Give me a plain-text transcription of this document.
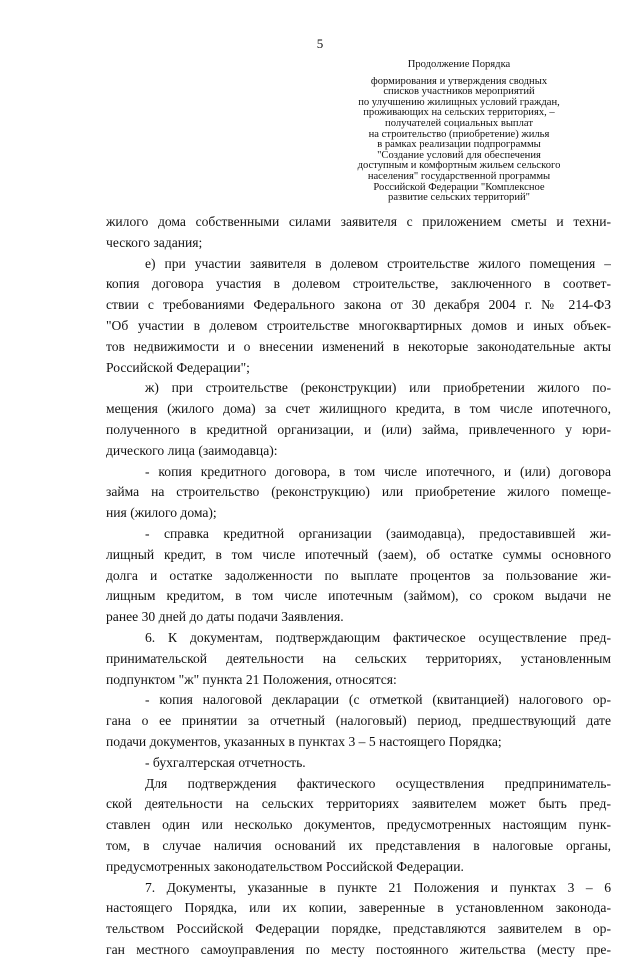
5
Продолжение Порядка
формирования и утверждения сводных
списков участников мероприятий
по улучшению жилищных условий граждан,
проживающих на сельских территориях, –
получателей социальных выплат
на строительство (приобретение) жилья
в рамках реализации подпрограммы
"Создание условий для обеспечения
доступным и комфортным жильем сельского
населения" государственной программы
Российской Федерации "Комплексное
развитие сельских территорий"
жилого дома собственными силами заявителя с приложением сметы и техни-
ческого задания;
е) при участии заявителя в долевом строительстве жилого помещения –
копия договора участия в долевом строительстве, заключенного в соответ-
ствии с требованиями Федерального закона от 30 декабря 2004 г. № 214-ФЗ
"Об участии в долевом строительстве многоквартирных домов и иных объек-
тов недвижимости и о внесении изменений в некоторые законодательные акты
Российской Федерации";
ж) при строительстве (реконструкции) или приобретении жилого по-
мещения (жилого дома) за счет жилищного кредита, в том числе ипотечного,
полученного в кредитной организации, и (или) займа, привлеченного у юри-
дического лица (заимодавца):
- копия кредитного договора, в том числе ипотечного, и (или) договора
займа на строительство (реконструкцию) или приобретение жилого помеще-
ния (жилого дома);
- справка кредитной организации (заимодавца), предоставившей жи-
лищный кредит, в том числе ипотечный (заем), об остатке суммы основного
долга и остатке задолженности по выплате процентов за пользование жи-
лищным кредитом, в том числе ипотечным (займом), со сроком выдачи не
ранее 30 дней до даты подачи Заявления.
6. К документам, подтверждающим фактическое осуществление пред-
принимательской деятельности на сельских территориях, установленным
подпунктом "ж" пункта 21 Положения, относятся:
- копия налоговой декларации (с отметкой (квитанцией) налогового ор-
гана о ее принятии за отчетный (налоговый) период, предшествующий дате
подачи документов, указанных в пунктах 3 – 5 настоящего Порядка;
- бухгалтерская отчетность.
Для подтверждения фактического осуществления предприниматель-
ской деятельности на сельских территориях заявителем может быть пред-
ставлен один или несколько документов, предусмотренных настоящим пунк-
том, в случае наличия оснований их представления в налоговые органы,
предусмотренных законодательством Российской Федерации.
7. Документы, указанные в пункте 21 Положения и пунктах 3 – 6
настоящего Порядка, или их копии, заверенные в установленном законода-
тельством Российской Федерации порядке, представляются заявителем в ор-
ган местного самоуправления по месту постоянного жительства (месту пре-
